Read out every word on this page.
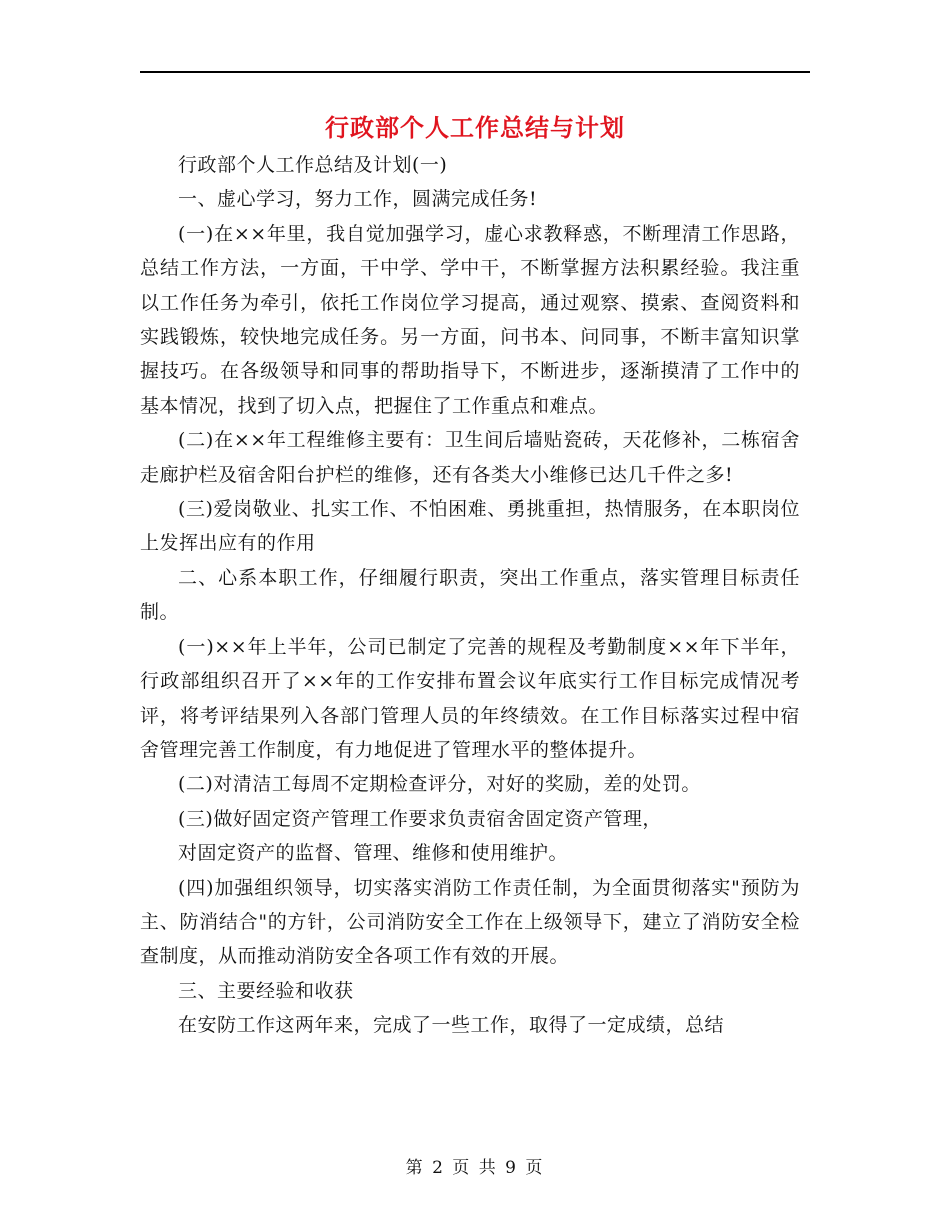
行政部个人工作总结与计划

行政部个人工作总结及计划(一)

一、虚心学习，努力工作，圆满完成任务!

(一)在××年里，我自觉加强学习，虚心求教释惑，不断理清工作思路，总结工作方法，一方面，干中学、学中干，不断掌握方法积累经验。我注重以工作任务为牵引，依托工作岗位学习提高，通过观察、摸索、查阅资料和实践锻炼，较快地完成任务。另一方面，问书本、问同事，不断丰富知识掌握技巧。在各级领导和同事的帮助指导下，不断进步，逐渐摸清了工作中的基本情况，找到了切入点，把握住了工作重点和难点。

(二)在××年工程维修主要有：卫生间后墙贴瓷砖，天花修补，二栋宿舍走廊护栏及宿舍阳台护栏的维修，还有各类大小维修已达几千件之多!

(三)爱岗敬业、扎实工作、不怕困难、勇挑重担，热情服务，在本职岗位上发挥出应有的作用

二、心系本职工作，仔细履行职责，突出工作重点，落实管理目标责任制。

(一)××年上半年，公司已制定了完善的规程及考勤制度××年下半年，行政部组织召开了××年的工作安排布置会议年底实行工作目标完成情况考评，将考评结果列入各部门管理人员的年终绩效。在工作目标落实过程中宿舍管理完善工作制度，有力地促进了管理水平的整体提升。

(二)对清洁工每周不定期检查评分，对好的奖励，差的处罚。

(三)做好固定资产管理工作要求负责宿舍固定资产管理，

对固定资产的监督、管理、维修和使用维护。

(四)加强组织领导，切实落实消防工作责任制，为全面贯彻落实"预防为主、防消结合"的方针，公司消防安全工作在上级领导下，建立了消防安全检查制度，从而推动消防安全各项工作有效的开展。

三、主要经验和收获

在安防工作这两年来，完成了一些工作，取得了一定成绩，总结

第 2 页 共 9 页
